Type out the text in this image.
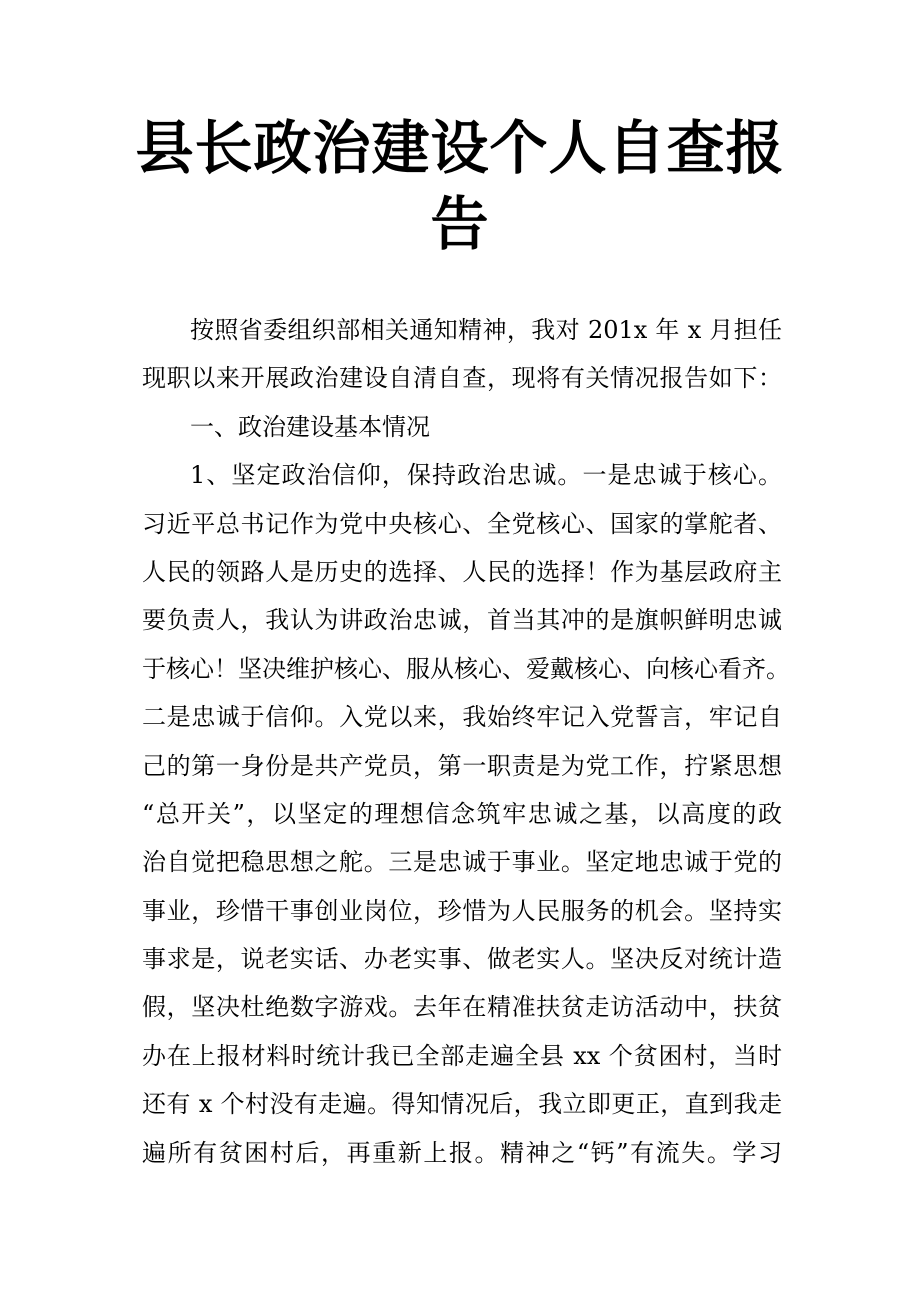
县长政治建设个人自查报告
按照省委组织部相关通知精神，我对 201x 年 x 月担任
现职以来开展政治建设自清自查，现将有关情况报告如下：
一、政治建设基本情况
1、坚定政治信仰，保持政治忠诚。一是忠诚于核心。
习近平总书记作为党中央核心、全党核心、国家的掌舵者、
人民的领路人是历史的选择、人民的选择！作为基层政府主
要负责人，我认为讲政治忠诚，首当其冲的是旗帜鲜明忠诚
于核心！坚决维护核心、服从核心、爱戴核心、向核心看齐。
二是忠诚于信仰。入党以来，我始终牢记入党誓言，牢记自
己的第一身份是共产党员，第一职责是为党工作，拧紧思想
“总开关”，以坚定的理想信念筑牢忠诚之基，以高度的政
治自觉把稳思想之舵。三是忠诚于事业。坚定地忠诚于党的
事业，珍惜干事创业岗位，珍惜为人民服务的机会。坚持实
事求是，说老实话、办老实事、做老实人。坚决反对统计造
假，坚决杜绝数字游戏。去年在精准扶贫走访活动中，扶贫
办在上报材料时统计我已全部走遍全县 xx 个贫困村，当时
还有 x 个村没有走遍。得知情况后，我立即更正，直到我走
遍所有贫困村后，再重新上报。精神之“钙”有流失。学习
